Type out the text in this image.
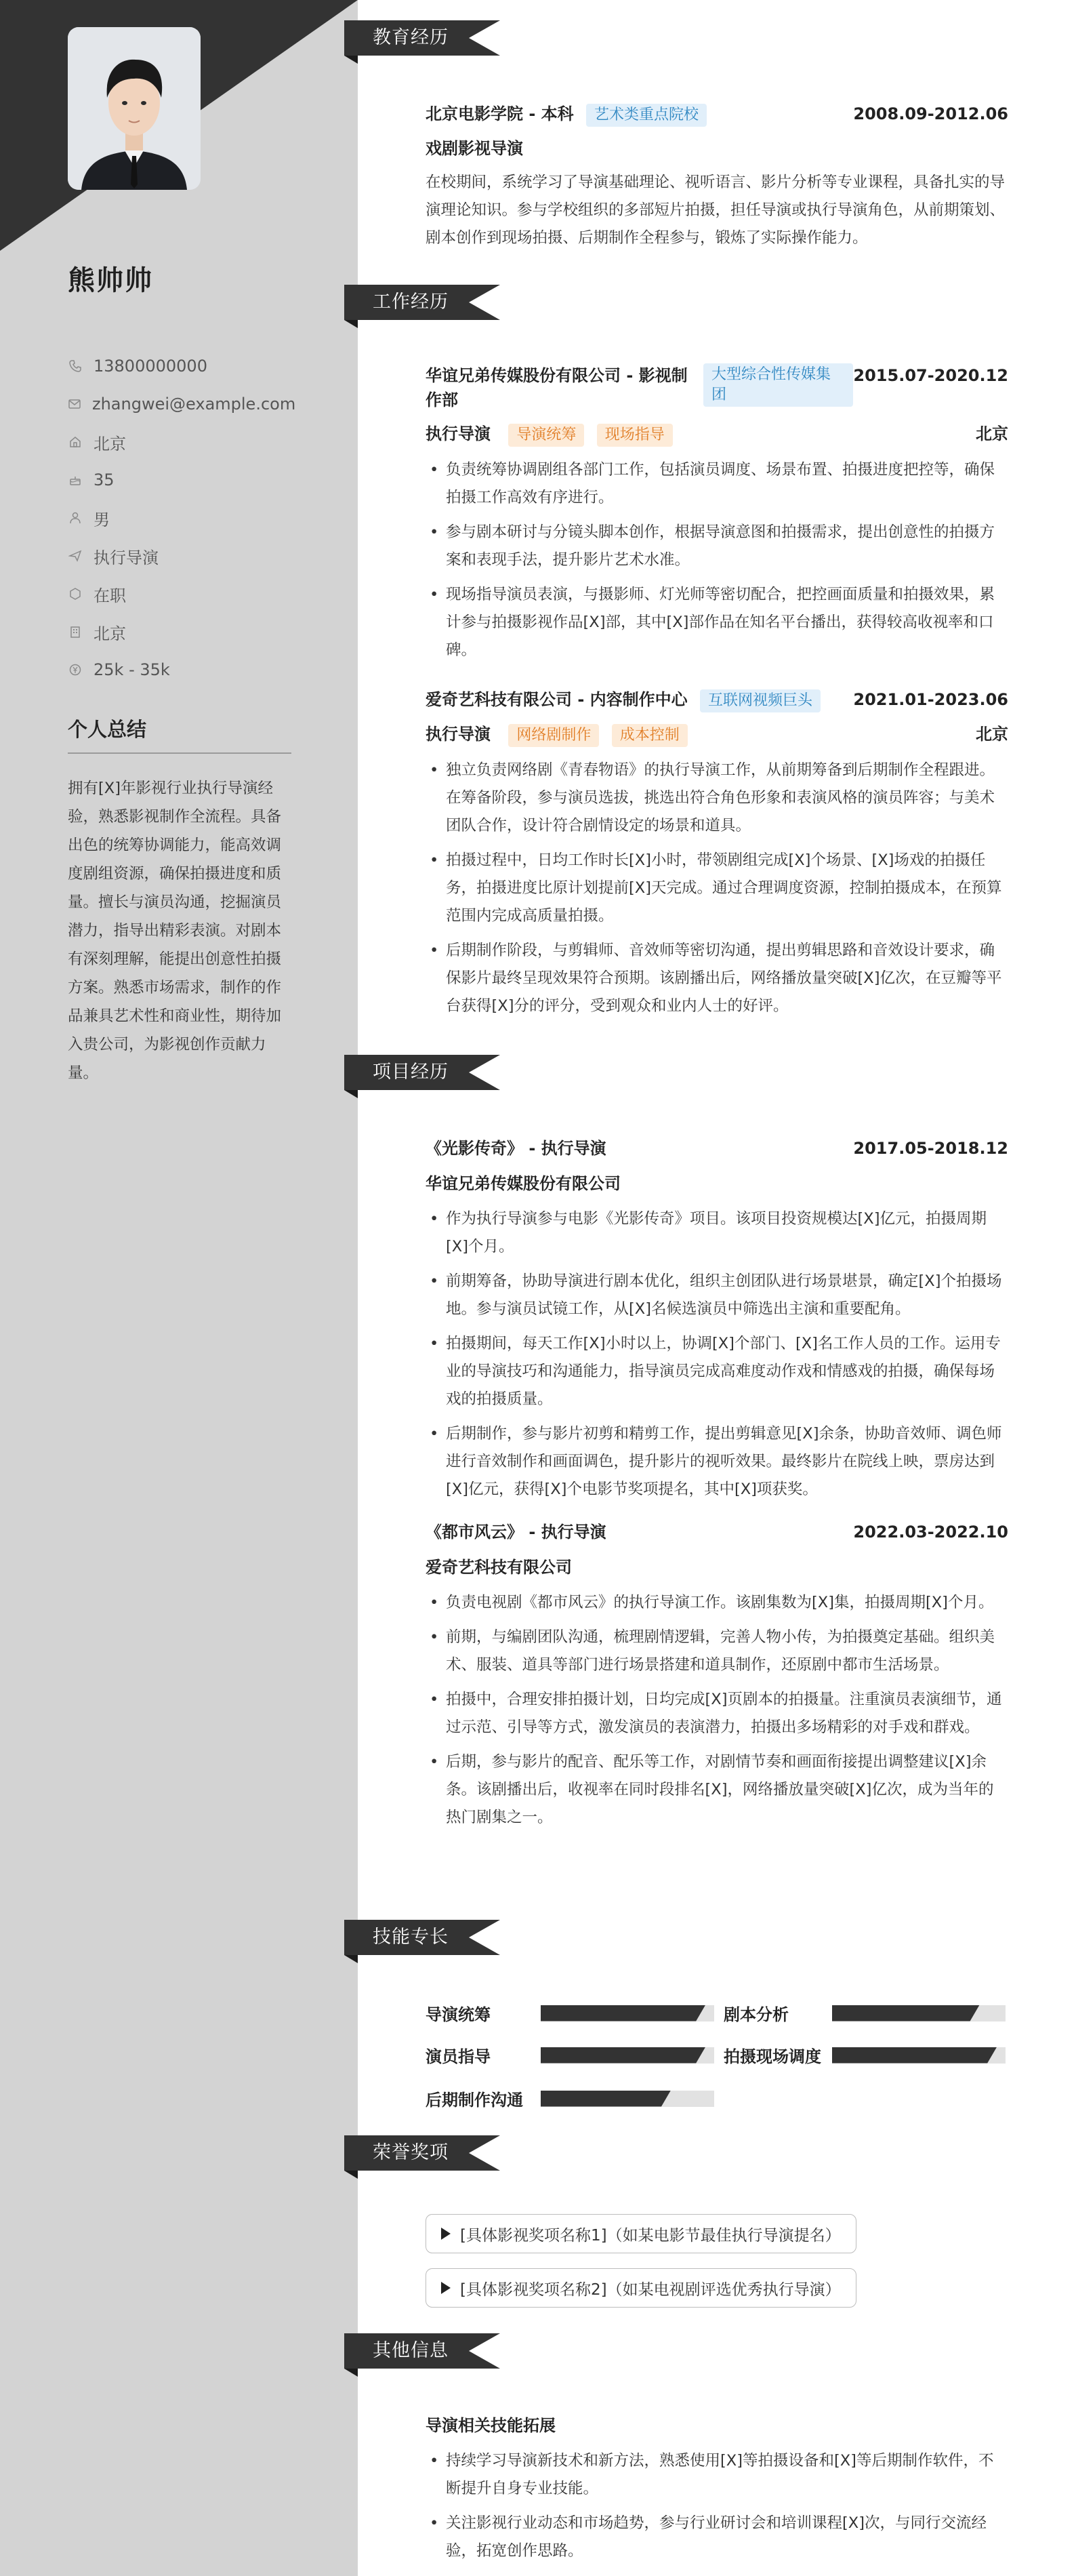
熊帅帅
13800000000
zhangwei@example.com
北京
35
男
执行导演
在职
北京
25k - 35k
个人总结
拥有[X]年影视行业执行导演经验，熟悉影视制作全流程。具备出色的统筹协调能力，能高效调度剧组资源，确保拍摄进度和质量。擅长与演员沟通，挖掘演员潜力，指导出精彩表演。对剧本有深刻理解，能提出创意性拍摄方案。熟悉市场需求，制作的作品兼具艺术性和商业性，期待加入贵公司，为影视创作贡献力量。
教育经历
北京电影学院 - 本科 艺术类重点院校	2008.09-2012.06
戏剧影视导演
在校期间，系统学习了导演基础理论、视听语言、影片分析等专业课程，具备扎实的导演理论知识。参与学校组织的多部短片拍摄，担任导演或执行导演角色，从前期策划、剧本创作到现场拍摄、后期制作全程参与，锻炼了实际操作能力。
工作经历
华谊兄弟传媒股份有限公司 - 影视制作部
大型综合性传媒集团
2015.07-2020.12
执行导演 导演统筹 现场指导	北京
• 负责统筹协调剧组各部门工作，包括演员调度、场景布置、拍摄进度把控等，确保拍摄工作高效有序进行。
• 参与剧本研讨与分镜头脚本创作，根据导演意图和拍摄需求，提出创意性的拍摄方案和表现手法，提升影片艺术水准。
• 现场指导演员表演，与摄影师、灯光师等密切配合，把控画面质量和拍摄效果，累计参与拍摄影视作品[X]部，其中[X]部作品在知名平台播出，获得较高收视率和口碑。
爱奇艺科技有限公司 - 内容制作中心 互联网视频巨头	2021.01-2023.06
执行导演 网络剧制作 成本控制	北京
• 独立负责网络剧《青春物语》的执行导演工作，从前期筹备到后期制作全程跟进。在筹备阶段，参与演员选拔，挑选出符合角色形象和表演风格的演员阵容；与美术团队合作，设计符合剧情设定的场景和道具。
• 拍摄过程中，日均工作时长[X]小时，带领剧组完成[X]个场景、[X]场戏的拍摄任务，拍摄进度比原计划提前[X]天完成。通过合理调度资源，控制拍摄成本，在预算范围内完成高质量拍摄。
• 后期制作阶段，与剪辑师、音效师等密切沟通，提出剪辑思路和音效设计要求，确保影片最终呈现效果符合预期。该剧播出后，网络播放量突破[X]亿次，在豆瓣等平台获得[X]分的评分，受到观众和业内人士的好评。
项目经历
《光影传奇》 - 执行导演	2017.05-2018.12
华谊兄弟传媒股份有限公司
• 作为执行导演参与电影《光影传奇》项目。该项目投资规模达[X]亿元，拍摄周期[X]个月。
• 前期筹备，协助导演进行剧本优化，组织主创团队进行场景堪景，确定[X]个拍摄场地。参与演员试镜工作，从[X]名候选演员中筛选出主演和重要配角。
• 拍摄期间，每天工作[X]小时以上，协调[X]个部门、[X]名工作人员的工作。运用专业的导演技巧和沟通能力，指导演员完成高难度动作戏和情感戏的拍摄，确保每场戏的拍摄质量。
• 后期制作，参与影片初剪和精剪工作，提出剪辑意见[X]余条，协助音效师、调色师进行音效制作和画面调色，提升影片的视听效果。最终影片在院线上映，票房达到[X]亿元，获得[X]个电影节奖项提名，其中[X]项获奖。
《都市风云》 - 执行导演	2022.03-2022.10
爱奇艺科技有限公司
• 负责电视剧《都市风云》的执行导演工作。该剧集数为[X]集，拍摄周期[X]个月。
• 前期，与编剧团队沟通，梳理剧情逻辑，完善人物小传，为拍摄奠定基础。组织美术、服装、道具等部门进行场景搭建和道具制作，还原剧中都市生活场景。
• 拍摄中，合理安排拍摄计划，日均完成[X]页剧本的拍摄量。注重演员表演细节，通过示范、引导等方式，激发演员的表演潜力，拍摄出多场精彩的对手戏和群戏。
• 后期，参与影片的配音、配乐等工作，对剧情节奏和画面衔接提出调整建议[X]余条。该剧播出后，收视率在同时段排名[X]，网络播放量突破[X]亿次，成为当年的热门剧集之一。
技能专长
导演统筹	剧本分析
演员指导	拍摄现场调度
后期制作沟通
荣誉奖项
[具体影视奖项名称1]（如某电影节最佳执行导演提名）
[具体影视奖项名称2]（如某电视剧评选优秀执行导演）
其他信息
导演相关技能拓展
• 持续学习导演新技术和新方法，熟悉使用[X]等拍摄设备和[X]等后期制作软件，不断提升自身专业技能。
• 关注影视行业动态和市场趋势，参与行业研讨会和培训课程[X]次，与同行交流经验，拓宽创作思路。
